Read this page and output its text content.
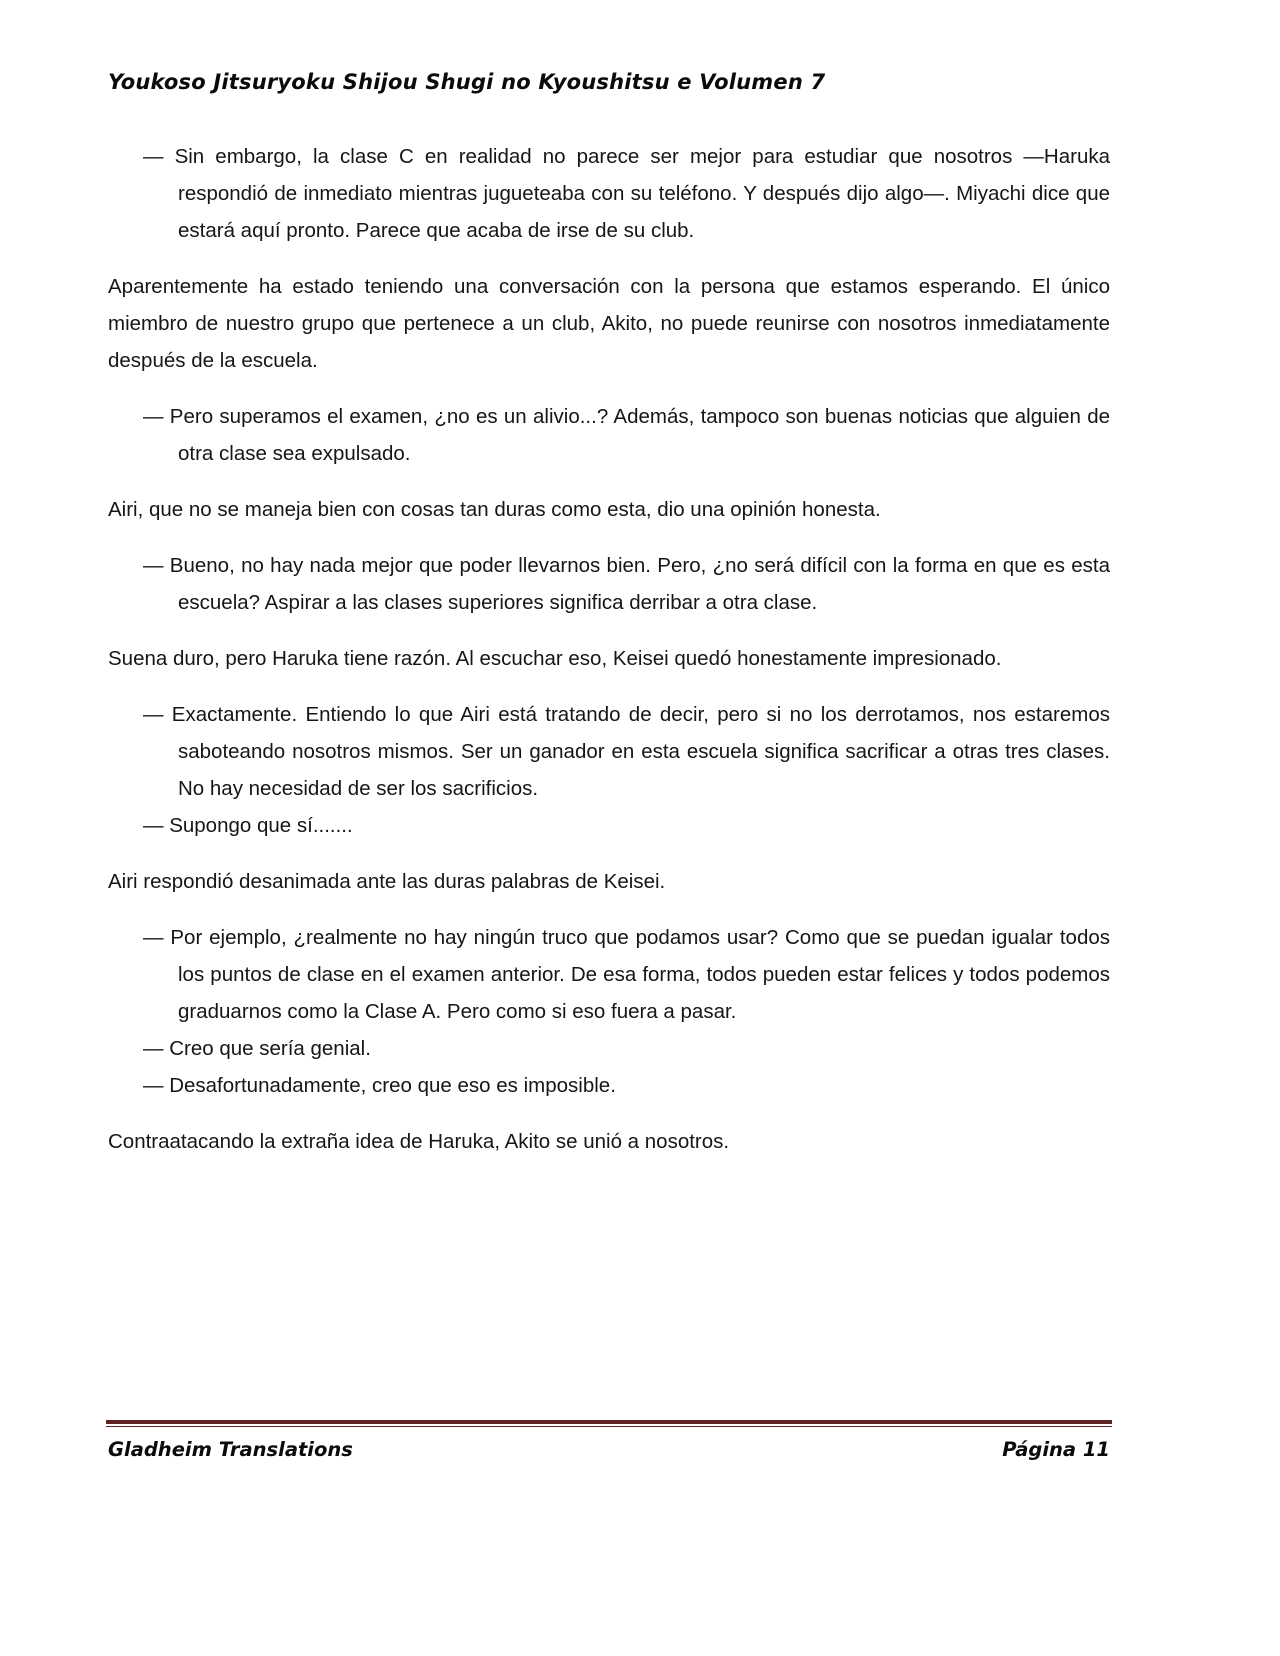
Youkoso Jitsuryoku Shijou Shugi no Kyoushitsu e Volumen 7

— Sin embargo, la clase C en realidad no parece ser mejor para estudiar que nosotros —Haruka respondió de inmediato mientras jugueteaba con su teléfono. Y después dijo algo—. Miyachi dice que estará aquí pronto. Parece que acaba de irse de su club.

Aparentemente ha estado teniendo una conversación con la persona que estamos esperando. El único miembro de nuestro grupo que pertenece a un club, Akito, no puede reunirse con nosotros inmediatamente después de la escuela.

— Pero superamos el examen, ¿no es un alivio...? Además, tampoco son buenas noticias que alguien de otra clase sea expulsado.

Airi, que no se maneja bien con cosas tan duras como esta, dio una opinión honesta.

— Bueno, no hay nada mejor que poder llevarnos bien. Pero, ¿no será difícil con la forma en que es esta escuela? Aspirar a las clases superiores significa derribar a otra clase.

Suena duro, pero Haruka tiene razón. Al escuchar eso, Keisei quedó honestamente impresionado.

— Exactamente. Entiendo lo que Airi está tratando de decir, pero si no los derrotamos, nos estaremos saboteando nosotros mismos. Ser un ganador en esta escuela significa sacrificar a otras tres clases. No hay necesidad de ser los sacrificios.

— Supongo que sí.......

Airi respondió desanimada ante las duras palabras de Keisei.

— Por ejemplo, ¿realmente no hay ningún truco que podamos usar? Como que se puedan igualar todos los puntos de clase en el examen anterior. De esa forma, todos pueden estar felices y todos podemos graduarnos como la Clase A. Pero como si eso fuera a pasar.

— Creo que sería genial.

— Desafortunadamente, creo que eso es imposible.

Contraatacando la extraña idea de Haruka, Akito se unió a nosotros.

Gladheim Translations	Página 11
